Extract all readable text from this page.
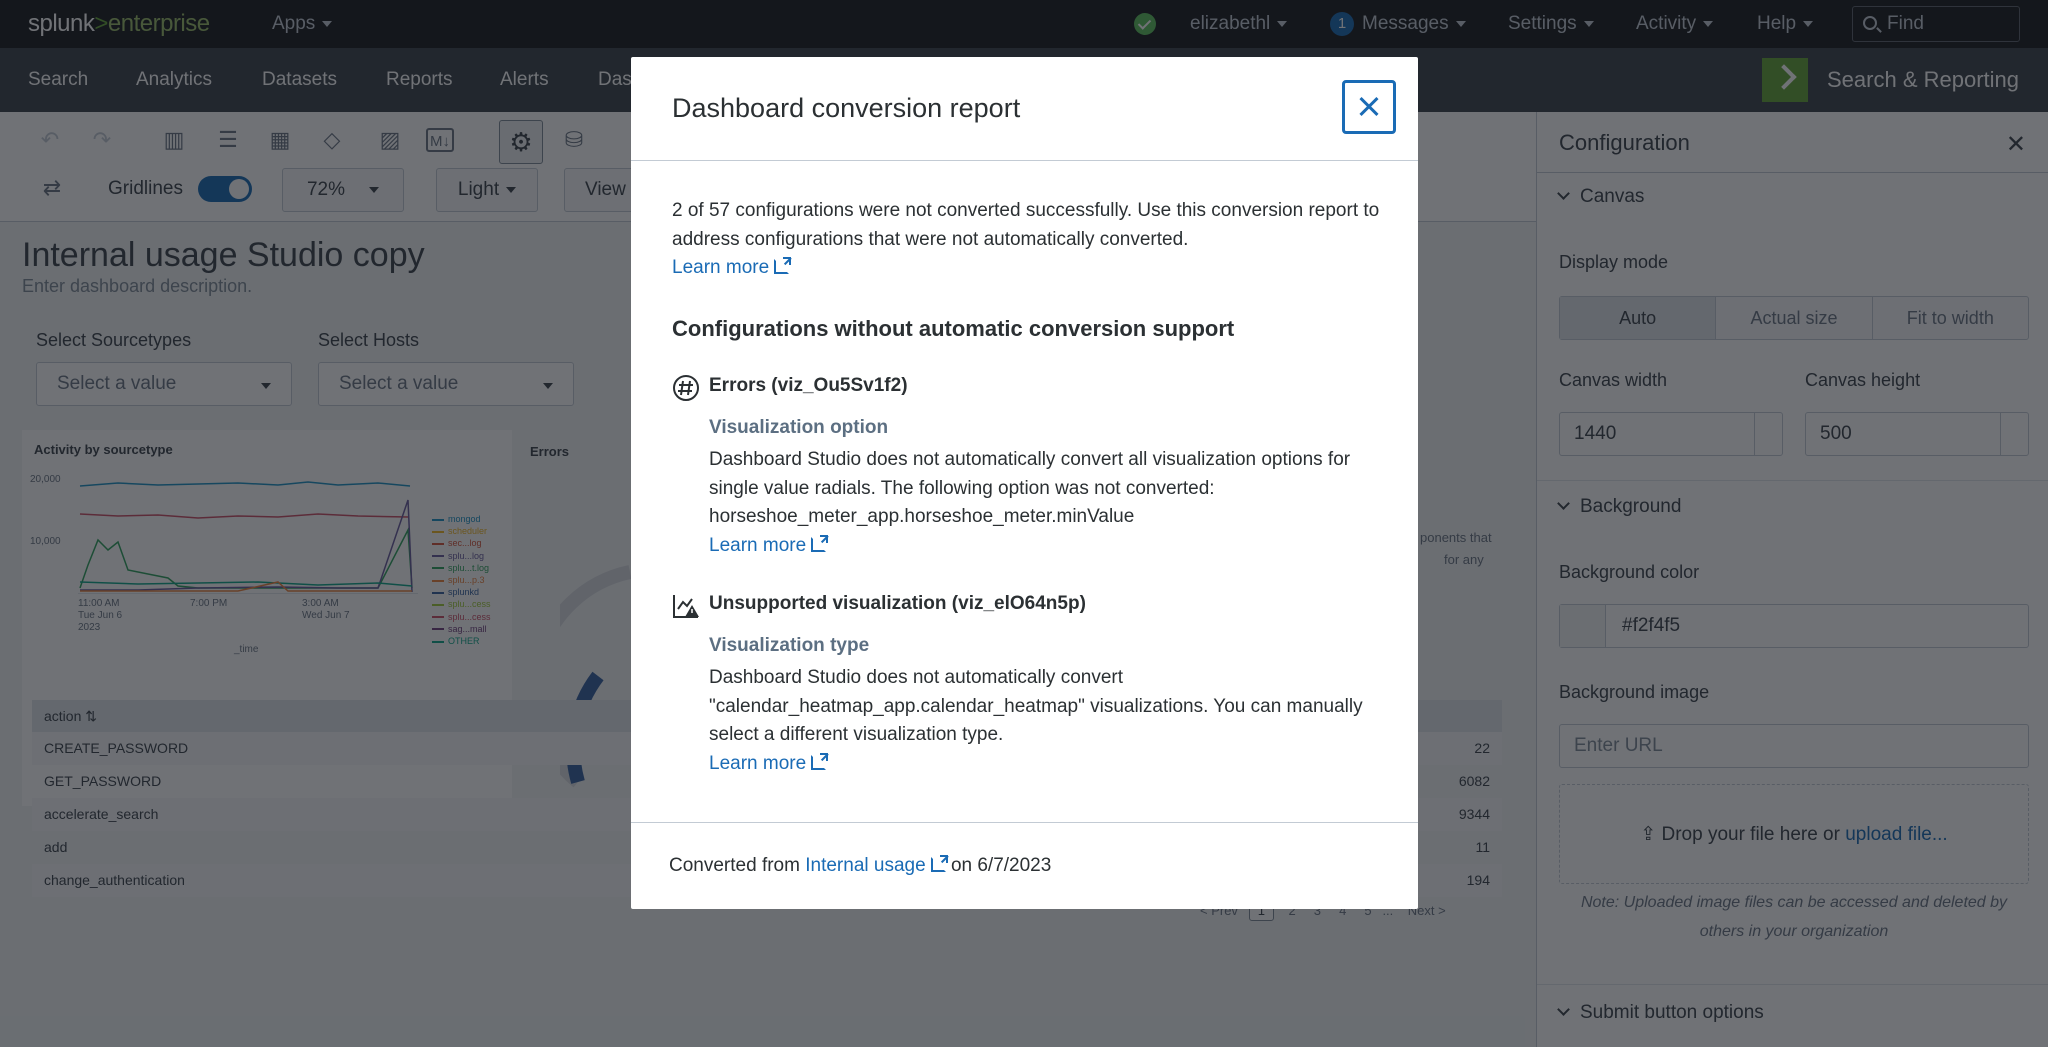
Dashboard conversion report
2 of 57 configurations were not converted successfully. Use this conversion report to address configurations that were not automatically converted.
Learn more
Configurations without automatic conversion support
Errors (viz_Ou5Sv1f2)
Visualization option
Dashboard Studio does not automatically convert all visualization options for single value radials. The following option was not converted: horseshoe_meter_app.horseshoe_meter.minValue
Learn more
Unsupported visualization (viz_elO64n5p)
Visualization type
Dashboard Studio does not automatically convert "calendar_heatmap_app.calendar_heatmap" visualizations. You can manually select a different visualization type.
Learn more
Converted from Internal usage on 6/7/2023
